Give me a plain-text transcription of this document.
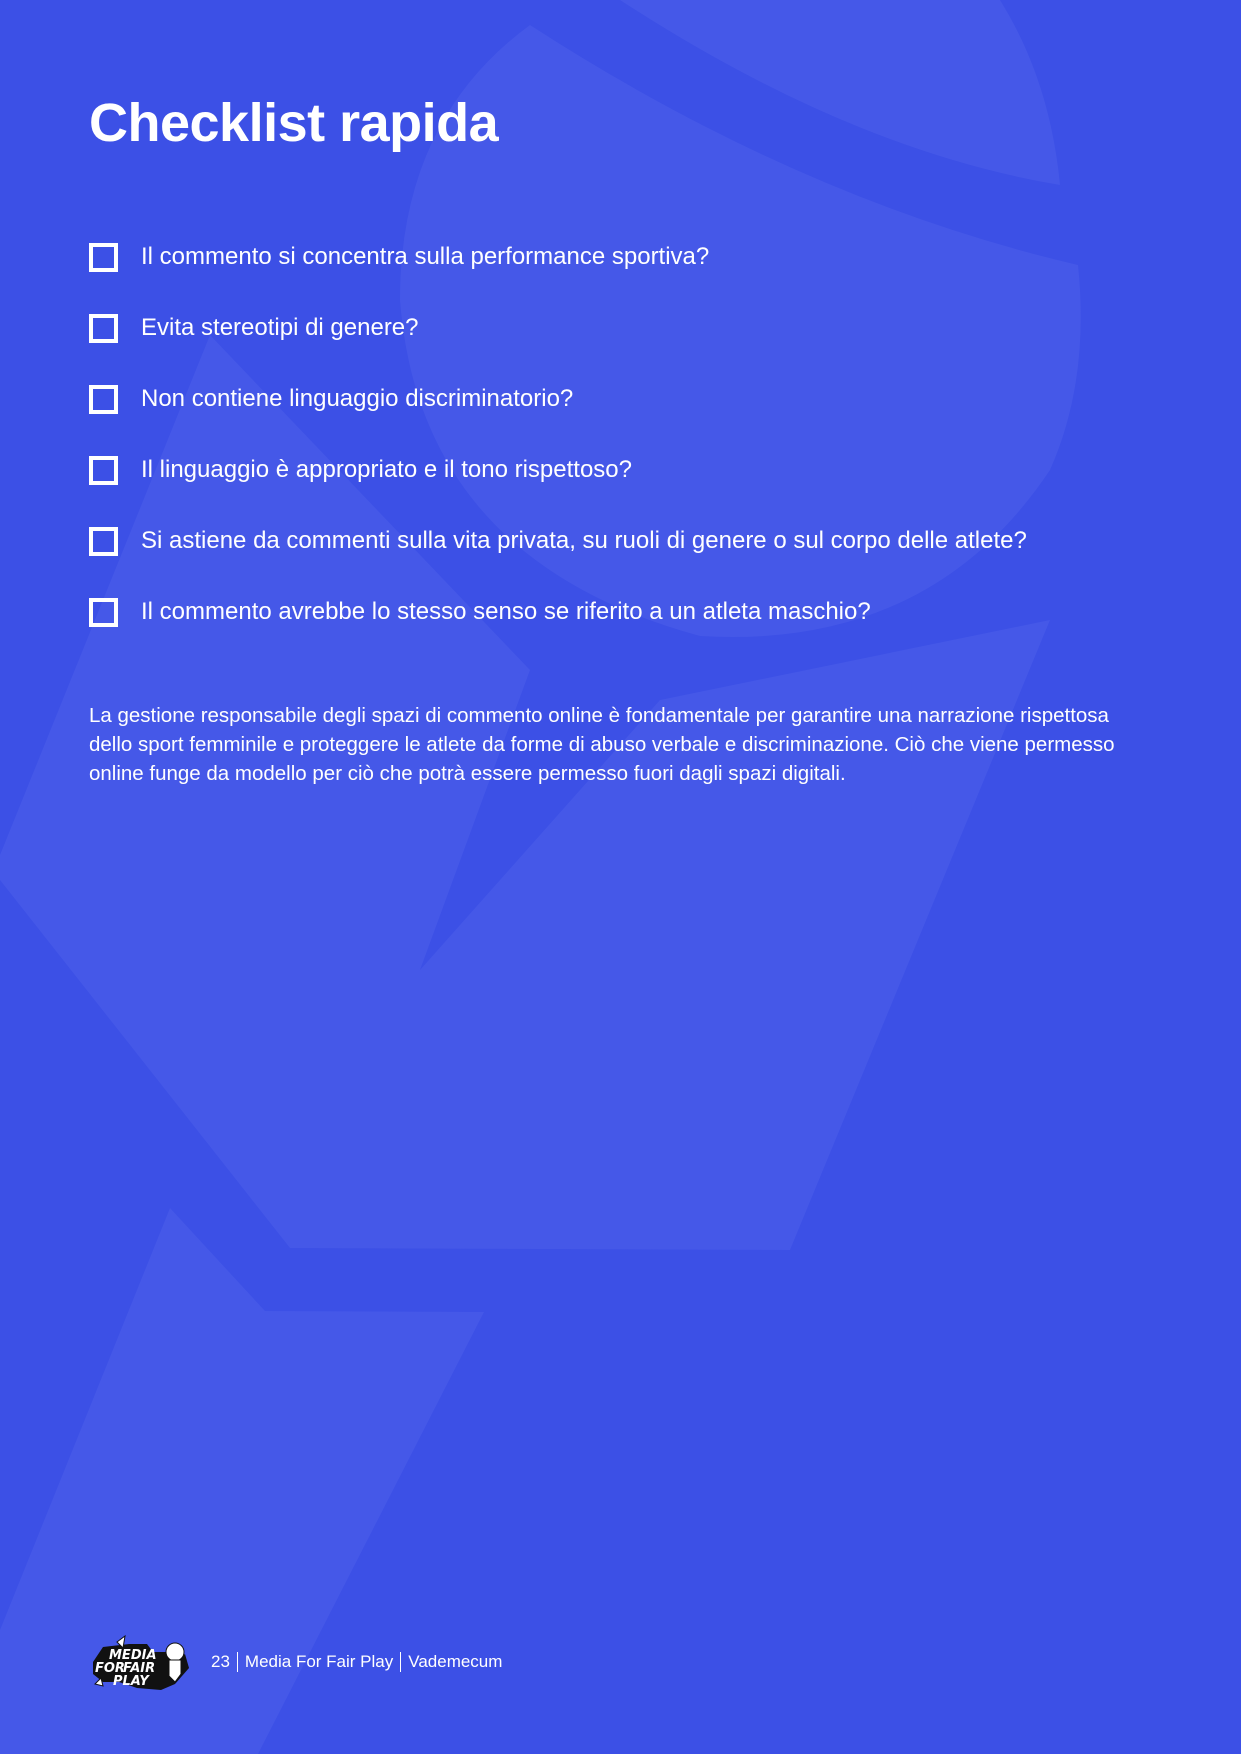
Checklist rapida
Il commento si concentra sulla performance sportiva?
Evita stereotipi di genere?
Non contiene linguaggio discriminatorio?
Il linguaggio è appropriato e il tono rispettoso?
Si astiene da commenti sulla vita privata, su ruoli di genere o sul corpo delle atlete?
Il commento avrebbe lo stesso senso se riferito a un atleta maschio?

La gestione responsabile degli spazi di commento online è fondamentale per garantire una narrazione rispettosa dello sport femminile e proteggere le atlete da forme di abuso verbale e discriminazione. Ciò che viene permesso online funge da modello per ciò che potrà essere permesso fuori dagli spazi digitali.

MEDIA
FOR
FAIR
PLAY
23 Media For Fair Play Vademecum
